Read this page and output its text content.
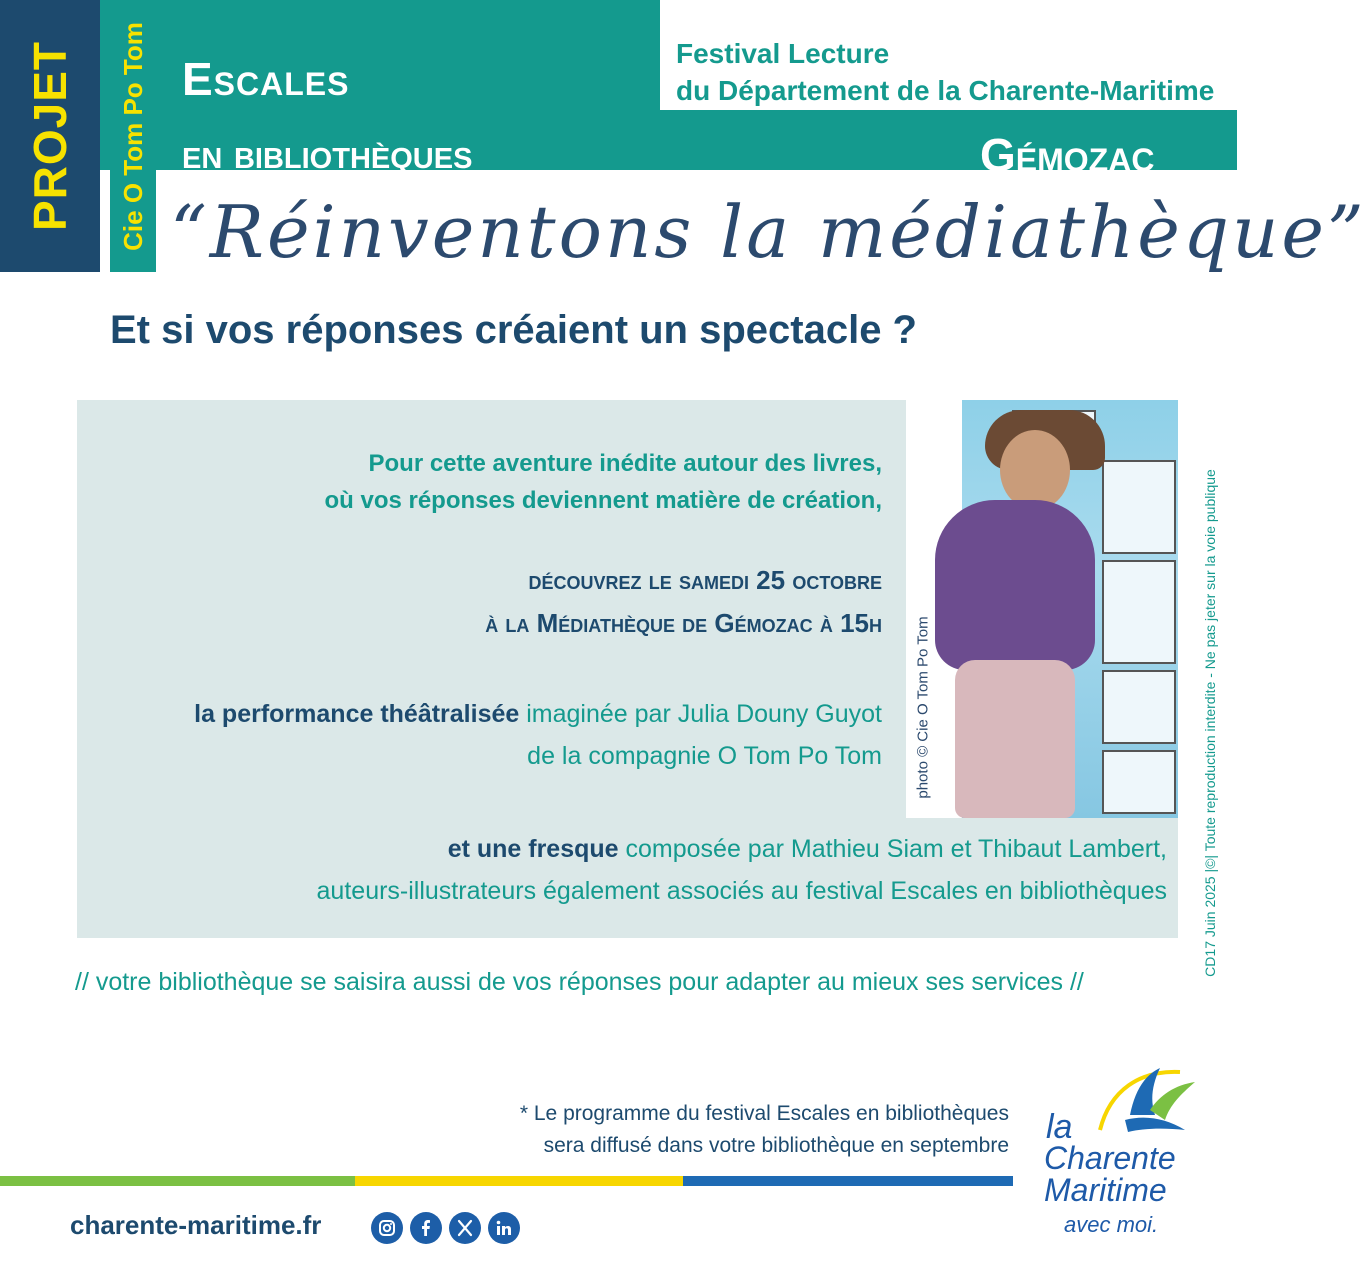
PROJET Cie O Tom Po Tom Escales
en bibliothèques
Festival Lecture
du Département de la Charente-Maritime
Gémozac
“Réinventons la médiathèque”
Et si vos réponses créaient un spectacle ?
photo © Cie O Tom Po Tom
Pour cette aventure inédite autour des livres,
où vos réponses deviennent matière de création,
découvrez le samedi 25 octobre
à la Médiathèque de Gémozac à 15h
la performance théâtralisée imaginée par Julia Douny Guyot
de la compagnie O Tom Po Tom
et une fresque composée par Mathieu Siam et Thibaut Lambert,
auteurs-illustrateurs également associés au festival Escales en bibliothèques
// votre bibliothèque se saisira aussi de vos réponses pour adapter au mieux ses services //
CD17 Juin 2025 |©| Toute reproduction interdite - Ne pas jeter sur la voie publique
* Le programme du festival Escales en bibliothèques
sera diffusé dans votre bibliothèque en septembre
charente-maritime.fr
la
Charente
Maritime
avec moi.
